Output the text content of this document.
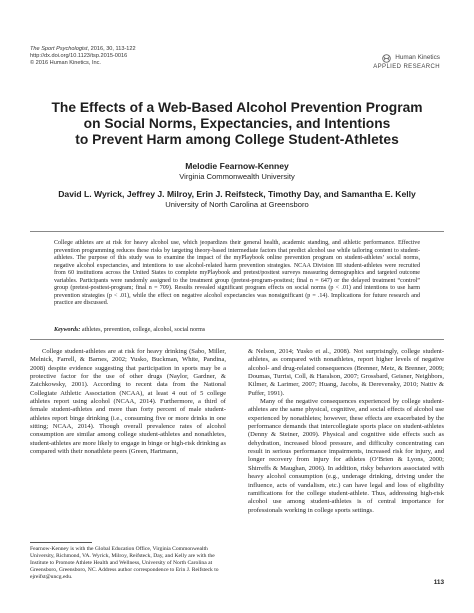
The Sport Psychologist, 2016, 30, 113-122
http://dx.doi.org/10.1123/tsp.2015-0016
© 2016 Human Kinetics, Inc.
Human Kinetics
APPLIED RESEARCH
The Effects of a Web-Based Alcohol Prevention Program
on Social Norms, Expectancies, and Intentions
to Prevent Harm among College Student-Athletes
Melodie Fearnow-Kenney
Virginia Commonwealth University
David L. Wyrick, Jeffrey J. Milroy, Erin J. Reifsteck, Timothy Day, and Samantha E. Kelly
University of North Carolina at Greensboro
College athletes are at risk for heavy alcohol use, which jeopardizes their general health, academic standing, and athletic performance. Effective prevention programming reduces these risks by targeting theory-based intermediate factors that predict alcohol use while tailoring content to student-athletes. The purpose of this study was to examine the impact of the myPlaybook online prevention program on student-athletes’ social norms, negative alcohol expectancies, and intentions to use alcohol-related harm prevention strategies. NCAA Division III student-athletes were recruited from 60 institutions across the United States to complete myPlaybook and pretest/posttest surveys measuring demographics and targeted outcome variables. Participants were randomly assigned to the treatment group (pretest-program-posttest; final n = 647) or the delayed treatment “control” group (pretest-posttest-program; final n = 709). Results revealed significant program effects on social norms (p < .01) and intentions to use harm prevention strategies (p < .01), while the effect on negative alcohol expectancies was nonsignificant (p = .14). Implications for future research and practice are discussed.
Keywords: athletes, prevention, college, alcohol, social norms

College student-athletes are at risk for heavy drinking (Sabo, Miller, Melnick, Farrell, & Barnes, 2002; Yusko, Buckman, White, Pandina, 2008) despite evidence suggesting that participation in sports may be a protective factor for the use of other drugs (Naylor, Gardner, & Zaichkowsky, 2001). According to recent data from the National Collegiate Athletic Association (NCAA), at least 4 out of 5 college athletes report using alcohol (NCAA, 2014). Furthermore, a third of female student-athletes and more than forty percent of male student-athletes report binge drinking (i.e., consuming five or more drinks in one sitting; NCAA, 2014). Though overall prevalence rates of alcohol consumption are similar among college student-athletes and nonathletes, student-athletes are more likely to engage in binge or high-risk drinking as compared with their nonathlete peers (Green, Hartmann,

& Nelson, 2014; Yusko et al., 2008). Not surprisingly, college student-athletes, as compared with nonathletes, report higher levels of negative alcohol- and drug-related consequences (Brenner, Metz, & Brenner, 2009; Doumas, Turrisi, Coll, & Haralson, 2007; Grossbard, Geisner, Neighbors, Kilmer, & Larimer, 2007; Huang, Jacobs, & Derevensky, 2010; Nattiv & Puffer, 1991).

Many of the negative consequences experienced by college student-athletes are the same physical, cognitive, and social effects of alcohol use experienced by nonathletes; however, these effects are exacerbated by the performance demands that intercollegiate sports place on student-athletes (Denny & Steiner, 2009). Physical and cognitive side effects such as dehydration, increased blood pressure, and difficulty concentrating can result in serious performance impairments, increased risk for injury, and longer recovery from injury for athletes (O’Brien & Lyons, 2000; Shirreffs & Maughan, 2006). In addition, risky behaviors associated with heavy alcohol consumption (e.g., underage drinking, driving under the influence, acts of vandalism, etc.) can have legal and loss of eligibility ramifications for the college student-athlete. Thus, addressing high-risk alcohol use among student-athletes is of central importance for professionals working in college sports settings.

Fearnow-Kenney is with the Global Education Office, Virginia Commonwealth University, Richmond, VA. Wyrick, Milroy, Reifsteck, Day, and Kelly are with the Institute to Promote Athlete Health and Wellness, University of North Carolina at Greensboro, Greensboro, NC. Address author correspondence to Erin J. Reifsteck to ejreifst@uncg.edu.
113
